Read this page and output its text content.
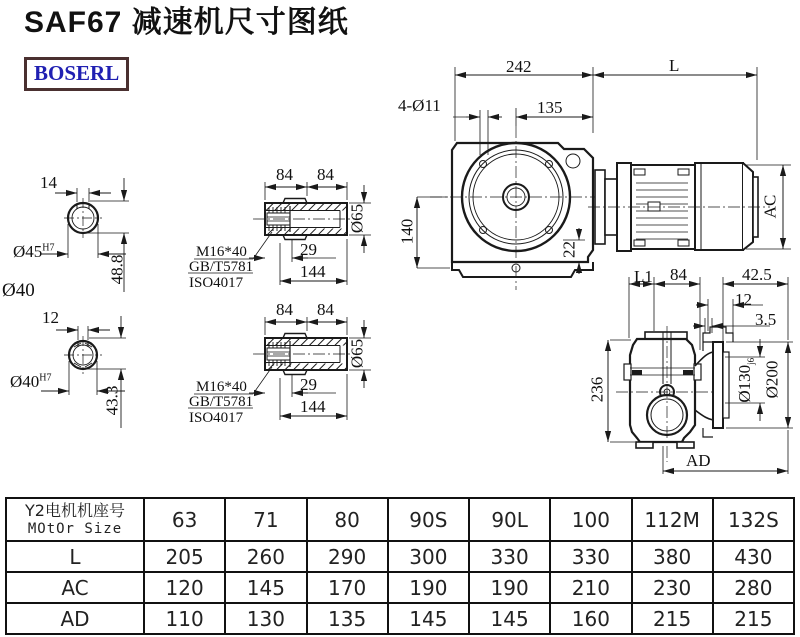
SAF67 减速机尺寸图纸
BOSERL
14
$Ø45^{H7}$
48.8
Ø40
12
$Ø40^{H7}$
43.3
84 84
29
144
Ø65
M16*40
GB/T5781
ISO4017
84 84
29
144
Ø65
M16*40
GB/T5781
ISO4017
242	L
4-Ø11	135
140
22
AC
L1 84	42.5
12
3.5
236	$Ø130_{j6}$ Ø200
AD
Y2电机机座号
MOtOr Size	63	71	80	90S	90L	100	112M	132S
L	205	260	290	300	330	330	380	430
AC	120	145	170	190	190	210	230	280
AD	110	130	135	145	145	160	215	215
